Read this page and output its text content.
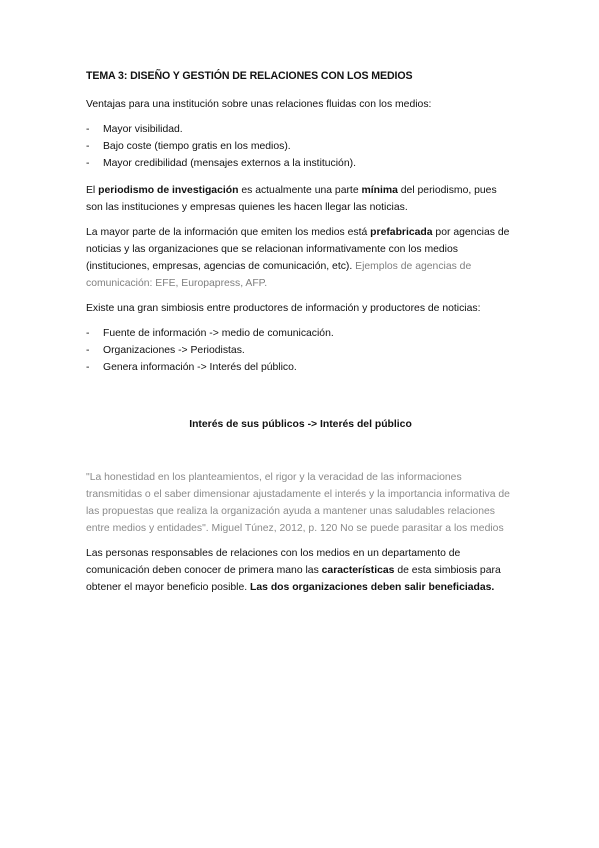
TEMA 3: DISEÑO Y GESTIÓN DE RELACIONES CON LOS MEDIOS

Ventajas para una institución sobre unas relaciones fluidas con los medios:

-	Mayor visibilidad.
-	Bajo coste (tiempo gratis en los medios).
-	Mayor credibilidad (mensajes externos a la institución).

El periodismo de investigación es actualmente una parte mínima del periodismo, pues son las instituciones y empresas quienes les hacen llegar las noticias.

La mayor parte de la información que emiten los medios está prefabricada por agencias de noticias y las organizaciones que se relacionan informativamente con los medios (instituciones, empresas, agencias de comunicación, etc). Ejemplos de agencias de comunicación: EFE, Europapress, AFP.

Existe una gran simbiosis entre productores de información y productores de noticias:

-	Fuente de información -> medio de comunicación.
-	Organizaciones -> Periodistas.
-	Genera información -> Interés del público.
Interés de sus públicos -> Interés del público

"La honestidad en los planteamientos, el rigor y la veracidad de las informaciones transmitidas o el saber dimensionar ajustadamente el interés y la importancia informativa de las propuestas que realiza la organización ayuda a mantener unas saludables relaciones entre medios y entidades". Miguel Túnez, 2012, p. 120 No se puede parasitar a los medios

Las personas responsables de relaciones con los medios en un departamento de comunicación deben conocer de primera mano las características de esta simbiosis para obtener el mayor beneficio posible. Las dos organizaciones deben salir beneficiadas.
